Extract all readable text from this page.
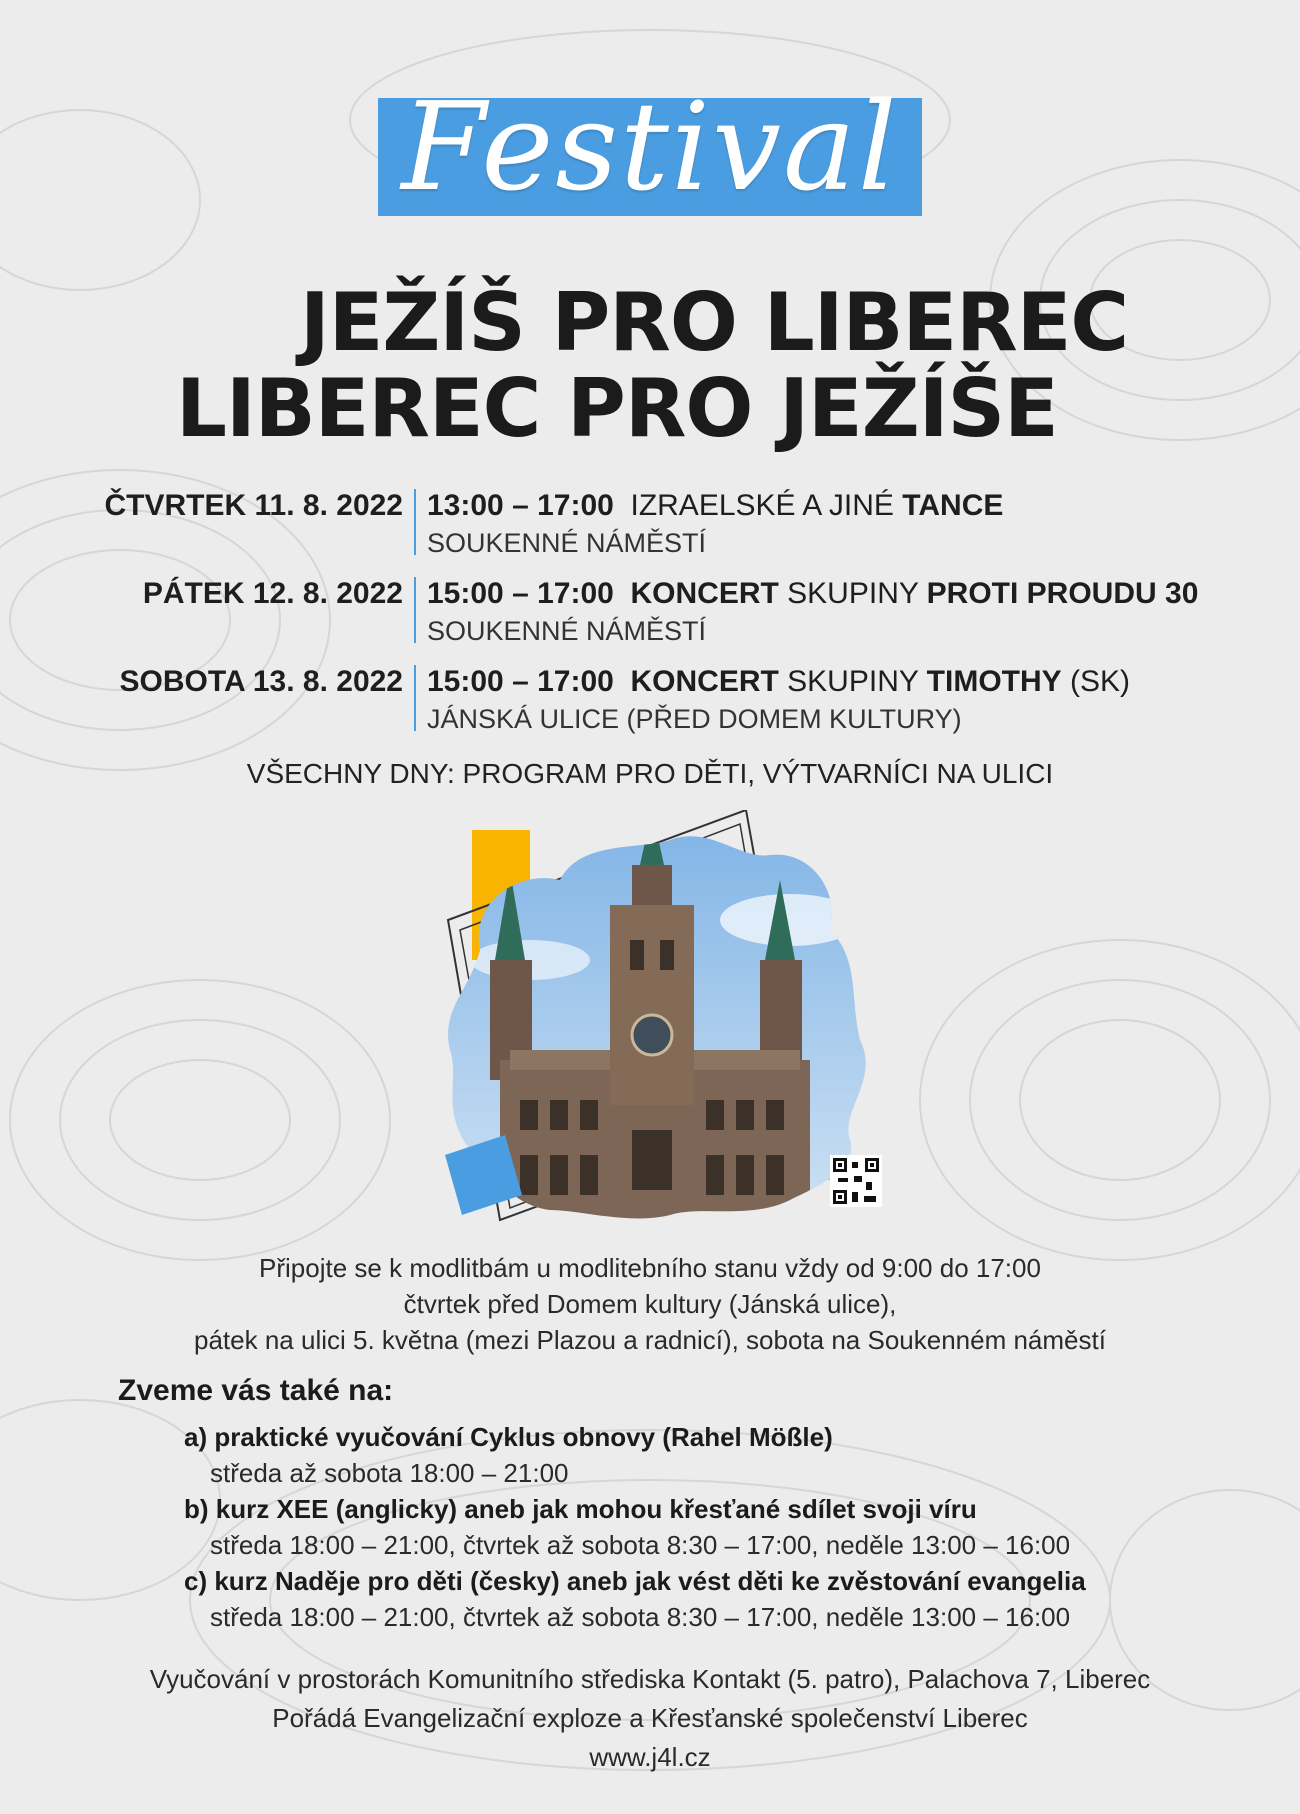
Festival
JEŽÍŠ PRO LIBEREC
LIBEREC PRO JEŽÍŠE
ČTVRTEK 11. 8. 2022 13:00 – 17:00 IZRAELSKÉ A JINÉ TANCE
SOUKENNÉ NÁMĚSTÍ
PÁTEK 12. 8. 2022 15:00 – 17:00 KONCERT SKUPINY PROTI PROUDU 30
SOUKENNÉ NÁMĚSTÍ
SOBOTA 13. 8. 2022 15:00 – 17:00 KONCERT SKUPINY TIMOTHY (SK)
JÁNSKÁ ULICE (PŘED DOMEM KULTURY)
VŠECHNY DNY: PROGRAM PRO DĚTI, VÝTVARNÍCI NA ULICI
Připojte se k modlitbám u modlitebního stanu vždy od 9:00 do 17:00
čtvrtek před Domem kultury (Jánská ulice),
pátek na ulici 5. května (mezi Plazou a radnicí), sobota na Soukenném náměstí
Zveme vás také na:
a) praktické vyučování Cyklus obnovy (Rahel Mößle)
středa až sobota 18:00 – 21:00
b) kurz XEE (anglicky) aneb jak mohou křesťané sdílet svoji víru
středa 18:00 – 21:00, čtvrtek až sobota 8:30 – 17:00, neděle 13:00 – 16:00
c) kurz Naděje pro děti (česky) aneb jak vést děti ke zvěstování evangelia
středa 18:00 – 21:00, čtvrtek až sobota 8:30 – 17:00, neděle 13:00 – 16:00
Vyučování v prostorách Komunitního střediska Kontakt (5. patro), Palachova 7, Liberec
Pořádá Evangelizační exploze a Křesťanské společenství Liberec
www.j4l.cz
